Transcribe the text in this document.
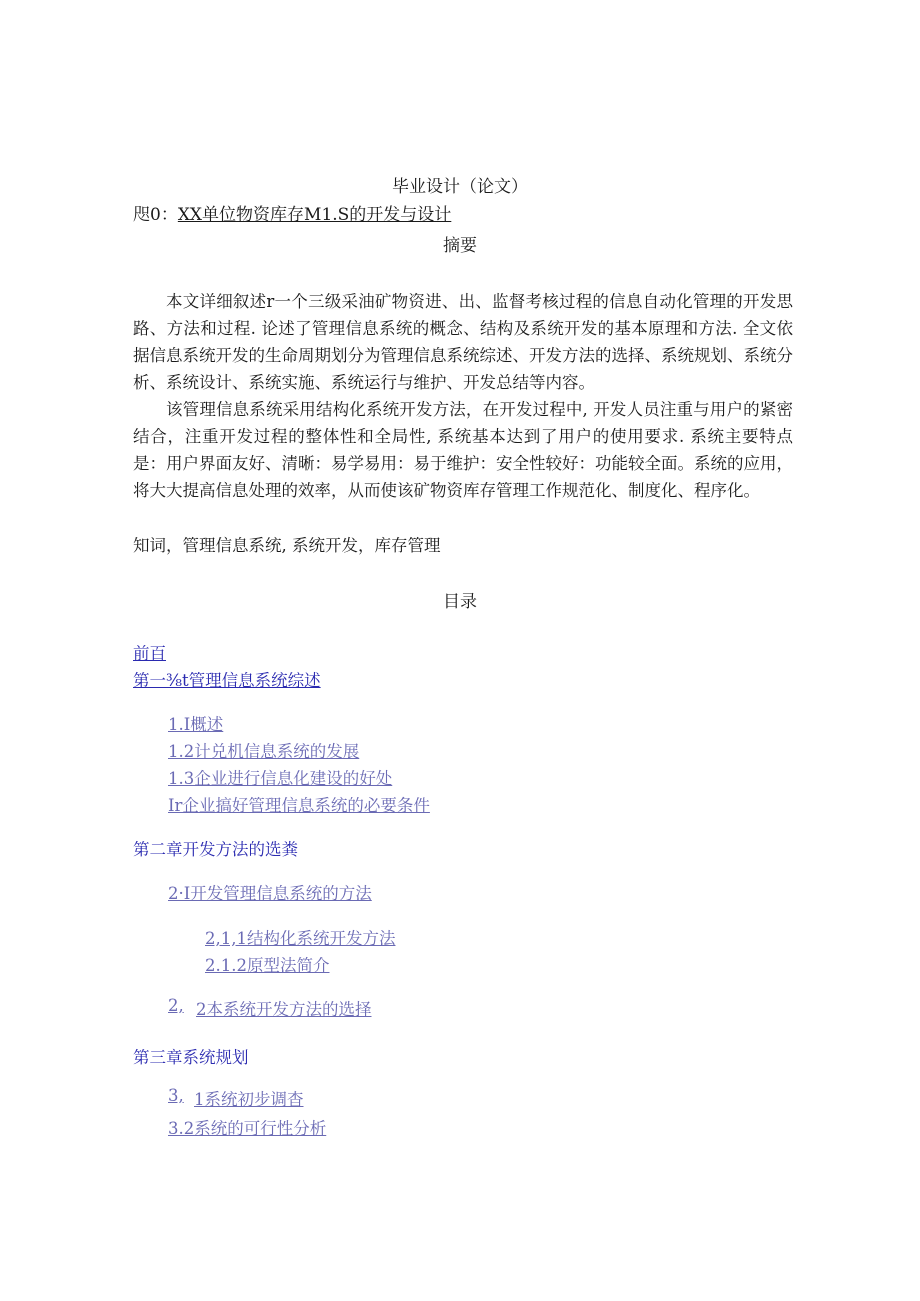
毕业设计（论文）
咫0：XX单位物资库存M1.S的开发与设计
摘要

本文详细叙述r一个三级采油矿物资进、出、监督考核过程的信息自动化管理的开发思路、方法和过程. 论述了管理信息系统的概念、结构及系统开发的基本原理和方法. 全文依据信息系统开发的生命周期划分为管理信息系统综述、开发方法的选择、系统规划、系统分析、系统设计、系统实施、系统运行与维护、开发总结等内容。

该管理信息系统采用结构化系统开发方法，在开发过程中, 开发人员注重与用户的紧密结合，注重开发过程的整体性和全局性, 系统基本达到了用户的使用要求. 系统主要特点是：用户界面友好、清晰：易学易用：易于维护：安全性较好：功能较全面。系统的应用，将大大提高信息处理的效率，从而使该矿物资库存管理工作规范化、制度化、程序化。

知词，管理信息系统, 系统开发，库存管理
目录
前百
第一⅜t管理信息系统综述
1.I概述
1.2计兑机信息系统的发展
1.3企业进行信息化建设的好处
Ir企业搞好管理信息系统的必要条件
第二章开发方法的选粪
2·I开发管理信息系统的方法
2,1,1结构化系统开发方法
2.1.2原型法简介
2, 2本系统开发方法的选择
第三章系统规划
3, 1系统初步调杳
3.2系统的可行性分析
